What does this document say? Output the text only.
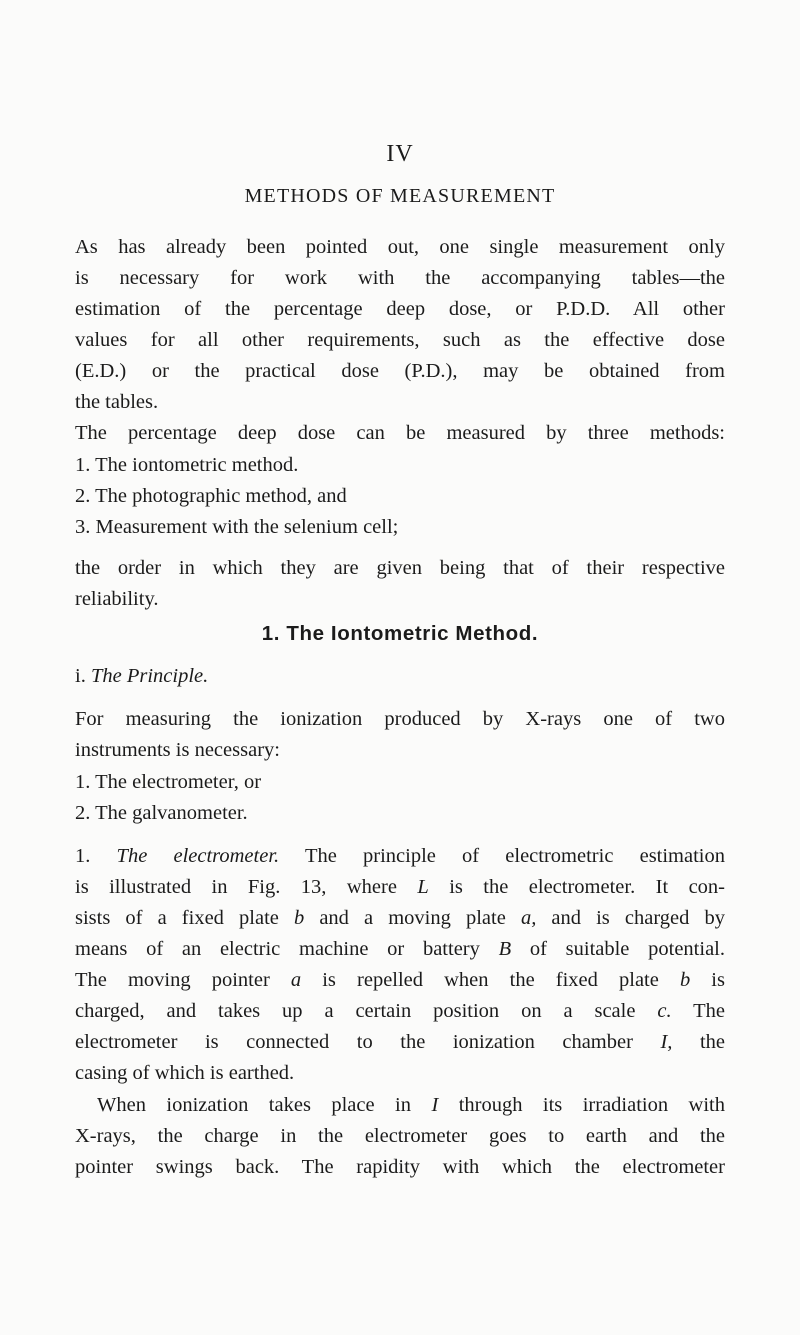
IV
METHODS OF MEASUREMENT
As has already been pointed out, one single measurement only
is necessary for work with the accompanying tables—the
estimation of the percentage deep dose, or P.D.D. All other
values for all other requirements, such as the effective dose
(E.D.) or the practical dose (P.D.), may be obtained from
the tables.
The percentage deep dose can be measured by three methods:
1. The iontometric method.
2. The photographic method, and
3. Measurement with the selenium cell;
the order in which they are given being that of their respective
reliability.
1. The Iontometric Method.
i. The Principle.
For measuring the ionization produced by X-rays one of two
instruments is necessary:
1. The electrometer, or
2. The galvanometer.
1. The electrometer. The principle of electrometric estimation
is illustrated in Fig. 13, where L is the electrometer. It con-
sists of a fixed plate b and a moving plate a, and is charged by
means of an electric machine or battery B of suitable potential.
The moving pointer a is repelled when the fixed plate b is
charged, and takes up a certain position on a scale c. The
electrometer is connected to the ionization chamber I, the
casing of which is earthed.
When ionization takes place in I through its irradiation with
X-rays, the charge in the electrometer goes to earth and the
pointer swings back. The rapidity with which the electrometer
